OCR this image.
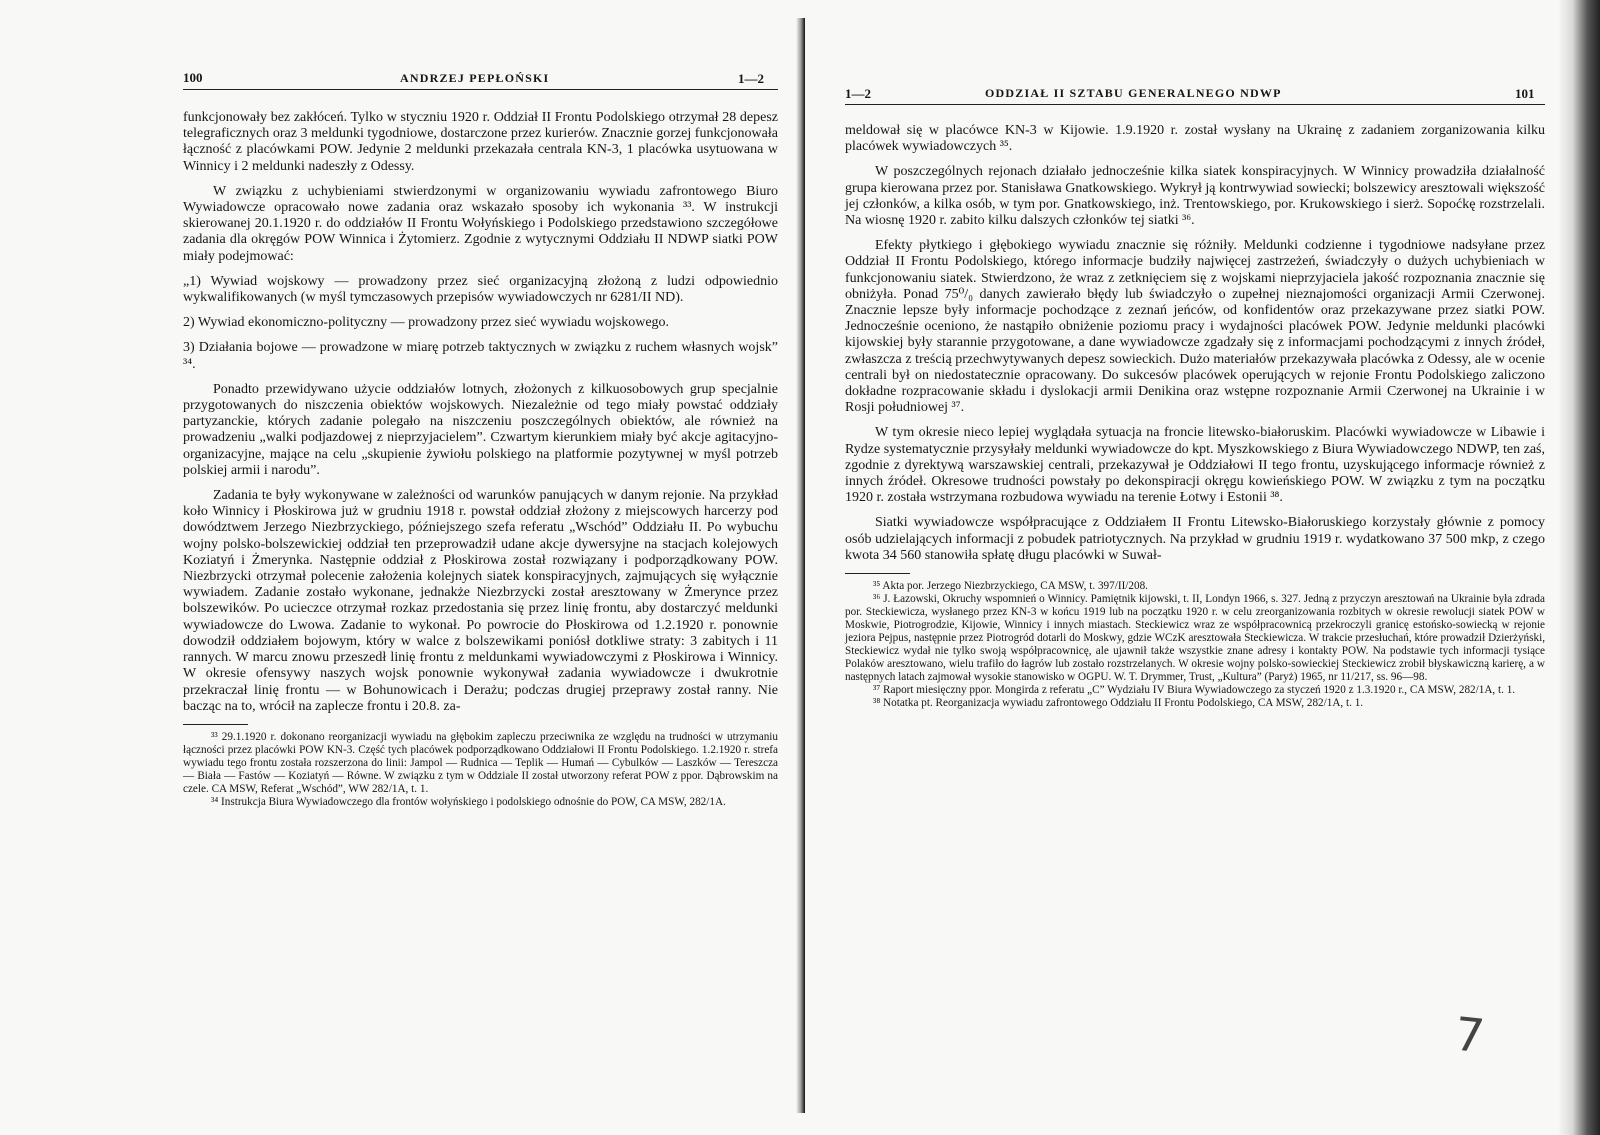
100	ANDRZEJ PEPŁOŃSKI	1—2

funkcjonowały bez zakłóceń. Tylko w styczniu 1920 r. Oddział II Frontu Podolskiego otrzymał 28 depesz telegraficznych oraz 3 meldunki tygodniowe, dostarczone przez kurierów. Znacznie gorzej funkcjonowała łączność z placówkami POW. Jedynie 2 meldunki przekazała centrala KN-3, 1 placówka usytuowana w Winnicy i 2 meldunki nadeszły z Odessy.

W związku z uchybieniami stwierdzonymi w organizowaniu wywiadu zafrontowego Biuro Wywiadowcze opracowało nowe zadania oraz wskazało sposoby ich wykonania ³³. W instrukcji skierowanej 20.1.1920 r. do oddziałów II Frontu Wołyńskiego i Podolskiego przedstawiono szczegółowe zadania dla okręgów POW Winnica i Żytomierz. Zgodnie z wytycznymi Oddziału II NDWP siatki POW miały podejmować:

„1) Wywiad wojskowy — prowadzony przez sieć organizacyjną złożoną z ludzi odpowiednio wykwalifikowanych (w myśl tymczasowych przepisów wywiadowczych nr 6281/II ND).

2) Wywiad ekonomiczno-polityczny — prowadzony przez sieć wywiadu wojskowego.

3) Działania bojowe — prowadzone w miarę potrzeb taktycznych w związku z ruchem własnych wojsk” ³⁴.

Ponadto przewidywano użycie oddziałów lotnych, złożonych z kilkuosobowych grup specjalnie przygotowanych do niszczenia obiektów wojskowych. Niezależnie od tego miały powstać oddziały partyzanckie, których zadanie polegało na niszczeniu poszczególnych obiektów, ale również na prowadzeniu „walki podjazdowej z nieprzyjacielem”. Czwartym kierunkiem miały być akcje agitacyjno-organizacyjne, mające na celu „skupienie żywiołu polskiego na platformie pozytywnej w myśl potrzeb polskiej armii i narodu”.

Zadania te były wykonywane w zależności od warunków panujących w danym rejonie. Na przykład koło Winnicy i Płoskirowa już w grudniu 1918 r. powstał oddział złożony z miejscowych harcerzy pod dowództwem Jerzego Niezbrzyckiego, późniejszego szefa referatu „Wschód” Oddziału II. Po wybuchu wojny polsko-bolszewickiej oddział ten przeprowadził udane akcje dywersyjne na stacjach kolejowych Koziatyń i Żmerynka. Następnie oddział z Płoskirowa został rozwiązany i podporządkowany POW. Niezbrzycki otrzymał polecenie założenia kolejnych siatek konspiracyjnych, zajmujących się wyłącznie wywiadem. Zadanie zostało wykonane, jednakże Niezbrzycki został aresztowany w Żmerynce przez bolszewików. Po ucieczce otrzymał rozkaz przedostania się przez linię frontu, aby dostarczyć meldunki wywiadowcze do Lwowa. Zadanie to wykonał. Po powrocie do Płoskirowa od 1.2.1920 r. ponownie dowodził oddziałem bojowym, który w walce z bolszewikami poniósł dotkliwe straty: 3 zabitych i 11 rannych. W marcu znowu przeszedł linię frontu z meldunkami wywiadowczymi z Płoskirowa i Winnicy. W okresie ofensywy naszych wojsk ponownie wykonywał zadania wywiadowcze i dwukrotnie przekraczał linię frontu — w Bohunowicach i Derażu; podczas drugiej przeprawy został ranny. Nie bacząc na to, wrócił na zaplecze frontu i 20.8. za-

³³ 29.1.1920 r. dokonano reorganizacji wywiadu na głębokim zapleczu przeciwnika ze względu na trudności w utrzymaniu łączności przez placówki POW KN-3. Część tych placówek podporządkowano Oddziałowi II Frontu Podolskiego. 1.2.1920 r. strefa wywiadu tego frontu została rozszerzona do linii: Jampol — Rudnica — Teplik — Humań — Cybulków — Laszków — Tereszcza — Biała — Fastów — Koziatyń — Równe. W związku z tym w Oddziale II został utworzony referat POW z ppor. Dąbrowskim na czele. CA MSW, Referat „Wschód”, WW 282/1A, t. 1.

³⁴ Instrukcja Biura Wywiadowczego dla frontów wołyńskiego i podolskiego odnośnie do POW, CA MSW, 282/1A.

1—2	ODDZIAŁ II SZTABU GENERALNEGO NDWP	101

meldował się w placówce KN-3 w Kijowie. 1.9.1920 r. został wysłany na Ukrainę z zadaniem zorganizowania kilku placówek wywiadowczych ³⁵.

W poszczególnych rejonach działało jednocześnie kilka siatek konspiracyjnych. W Winnicy prowadziła działalność grupa kierowana przez por. Stanisława Gnatkowskiego. Wykrył ją kontrwywiad sowiecki; bolszewicy aresztowali większość jej członków, a kilka osób, w tym por. Gnatkowskiego, inż. Trentowskiego, por. Krukowskiego i sierż. Sopoćkę rozstrzelali. Na wiosnę 1920 r. zabito kilku dalszych członków tej siatki ³⁶.

Efekty płytkiego i głębokiego wywiadu znacznie się różniły. Meldunki codzienne i tygodniowe nadsyłane przez Oddział II Frontu Podolskiego, którego informacje budziły najwięcej zastrzeżeń, świadczyły o dużych uchybieniach w funkcjonowaniu siatek. Stwierdzono, że wraz z zetknięciem się z wojskami nieprzyjaciela jakość rozpoznania znacznie się obniżyła. Ponad 75⁰/₀ danych zawierało błędy lub świadczyło o zupełnej nieznajomości organizacji Armii Czerwonej. Znacznie lepsze były informacje pochodzące z zeznań jeńców, od konfidentów oraz przekazywane przez siatki POW. Jednocześnie oceniono, że nastąpiło obniżenie poziomu pracy i wydajności placówek POW. Jedynie meldunki placówki kijowskiej były starannie przygotowane, a dane wywiadowcze zgadzały się z informacjami pochodzącymi z innych źródeł, zwłaszcza z treścią przechwytywanych depesz sowieckich. Dużo materiałów przekazywała placówka z Odessy, ale w ocenie centrali był on niedostatecznie opracowany. Do sukcesów placówek operujących w rejonie Frontu Podolskiego zaliczono dokładne rozpracowanie składu i dyslokacji armii Denikina oraz wstępne rozpoznanie Armii Czerwonej na Ukrainie i w Rosji południowej ³⁷.

W tym okresie nieco lepiej wyglądała sytuacja na froncie litewsko-białoruskim. Placówki wywiadowcze w Libawie i Rydze systematycznie przysyłały meldunki wywiadowcze do kpt. Myszkowskiego z Biura Wywiadowczego NDWP, ten zaś, zgodnie z dyrektywą warszawskiej centrali, przekazywał je Oddziałowi II tego frontu, uzyskującego informacje również z innych źródeł. Okresowe trudności powstały po dekonspiracji okręgu kowieńskiego POW. W związku z tym na początku 1920 r. została wstrzymana rozbudowa wywiadu na terenie Łotwy i Estonii ³⁸.

Siatki wywiadowcze współpracujące z Oddziałem II Frontu Litewsko-Białoruskiego korzystały głównie z pomocy osób udzielających informacji z pobudek patriotycznych. Na przykład w grudniu 1919 r. wydatkowano 37 500 mkp, z czego kwota 34 560 stanowiła spłatę długu placówki w Suwał-

³⁵ Akta por. Jerzego Niezbrzyckiego, CA MSW, t. 397/II/208.

³⁶ J. Łazowski, Okruchy wspomnień o Winnicy. Pamiętnik kijowski, t. II, Londyn 1966, s. 327. Jedną z przyczyn aresztowań na Ukrainie była zdrada por. Steckiewicza, wysłanego przez KN-3 w końcu 1919 lub na początku 1920 r. w celu zreorganizowania rozbitych w okresie rewolucji siatek POW w Moskwie, Piotrogrodzie, Kijowie, Winnicy i innych miastach. Steckiewicz wraz ze współpracownicą przekroczyli granicę estońsko-sowiecką w rejonie jeziora Pejpus, następnie przez Piotrogród dotarli do Moskwy, gdzie WCzK aresztowała Steckiewicza. W trakcie przesłuchań, które prowadził Dzierżyński, Steckiewicz wydał nie tylko swoją współpracownicę, ale ujawnił także wszystkie znane adresy i kontakty POW. Na podstawie tych informacji tysiące Polaków aresztowano, wielu trafiło do łagrów lub zostało rozstrzelanych. W okresie wojny polsko-sowieckiej Steckiewicz zrobił błyskawiczną karierę, a w następnych latach zajmował wysokie stanowisko w OGPU. W. T. Drymmer, Trust, „Kultura” (Paryż) 1965, nr 11/217, ss. 96—98.

³⁷ Raport miesięczny ppor. Mongirda z referatu „C” Wydziału IV Biura Wywiadowczego za styczeń 1920 z 1.3.1920 r., CA MSW, 282/1A, t. 1.

³⁸ Notatka pt. Reorganizacja wywiadu zafrontowego Oddziału II Frontu Podolskiego, CA MSW, 282/1A, t. 1.

7
